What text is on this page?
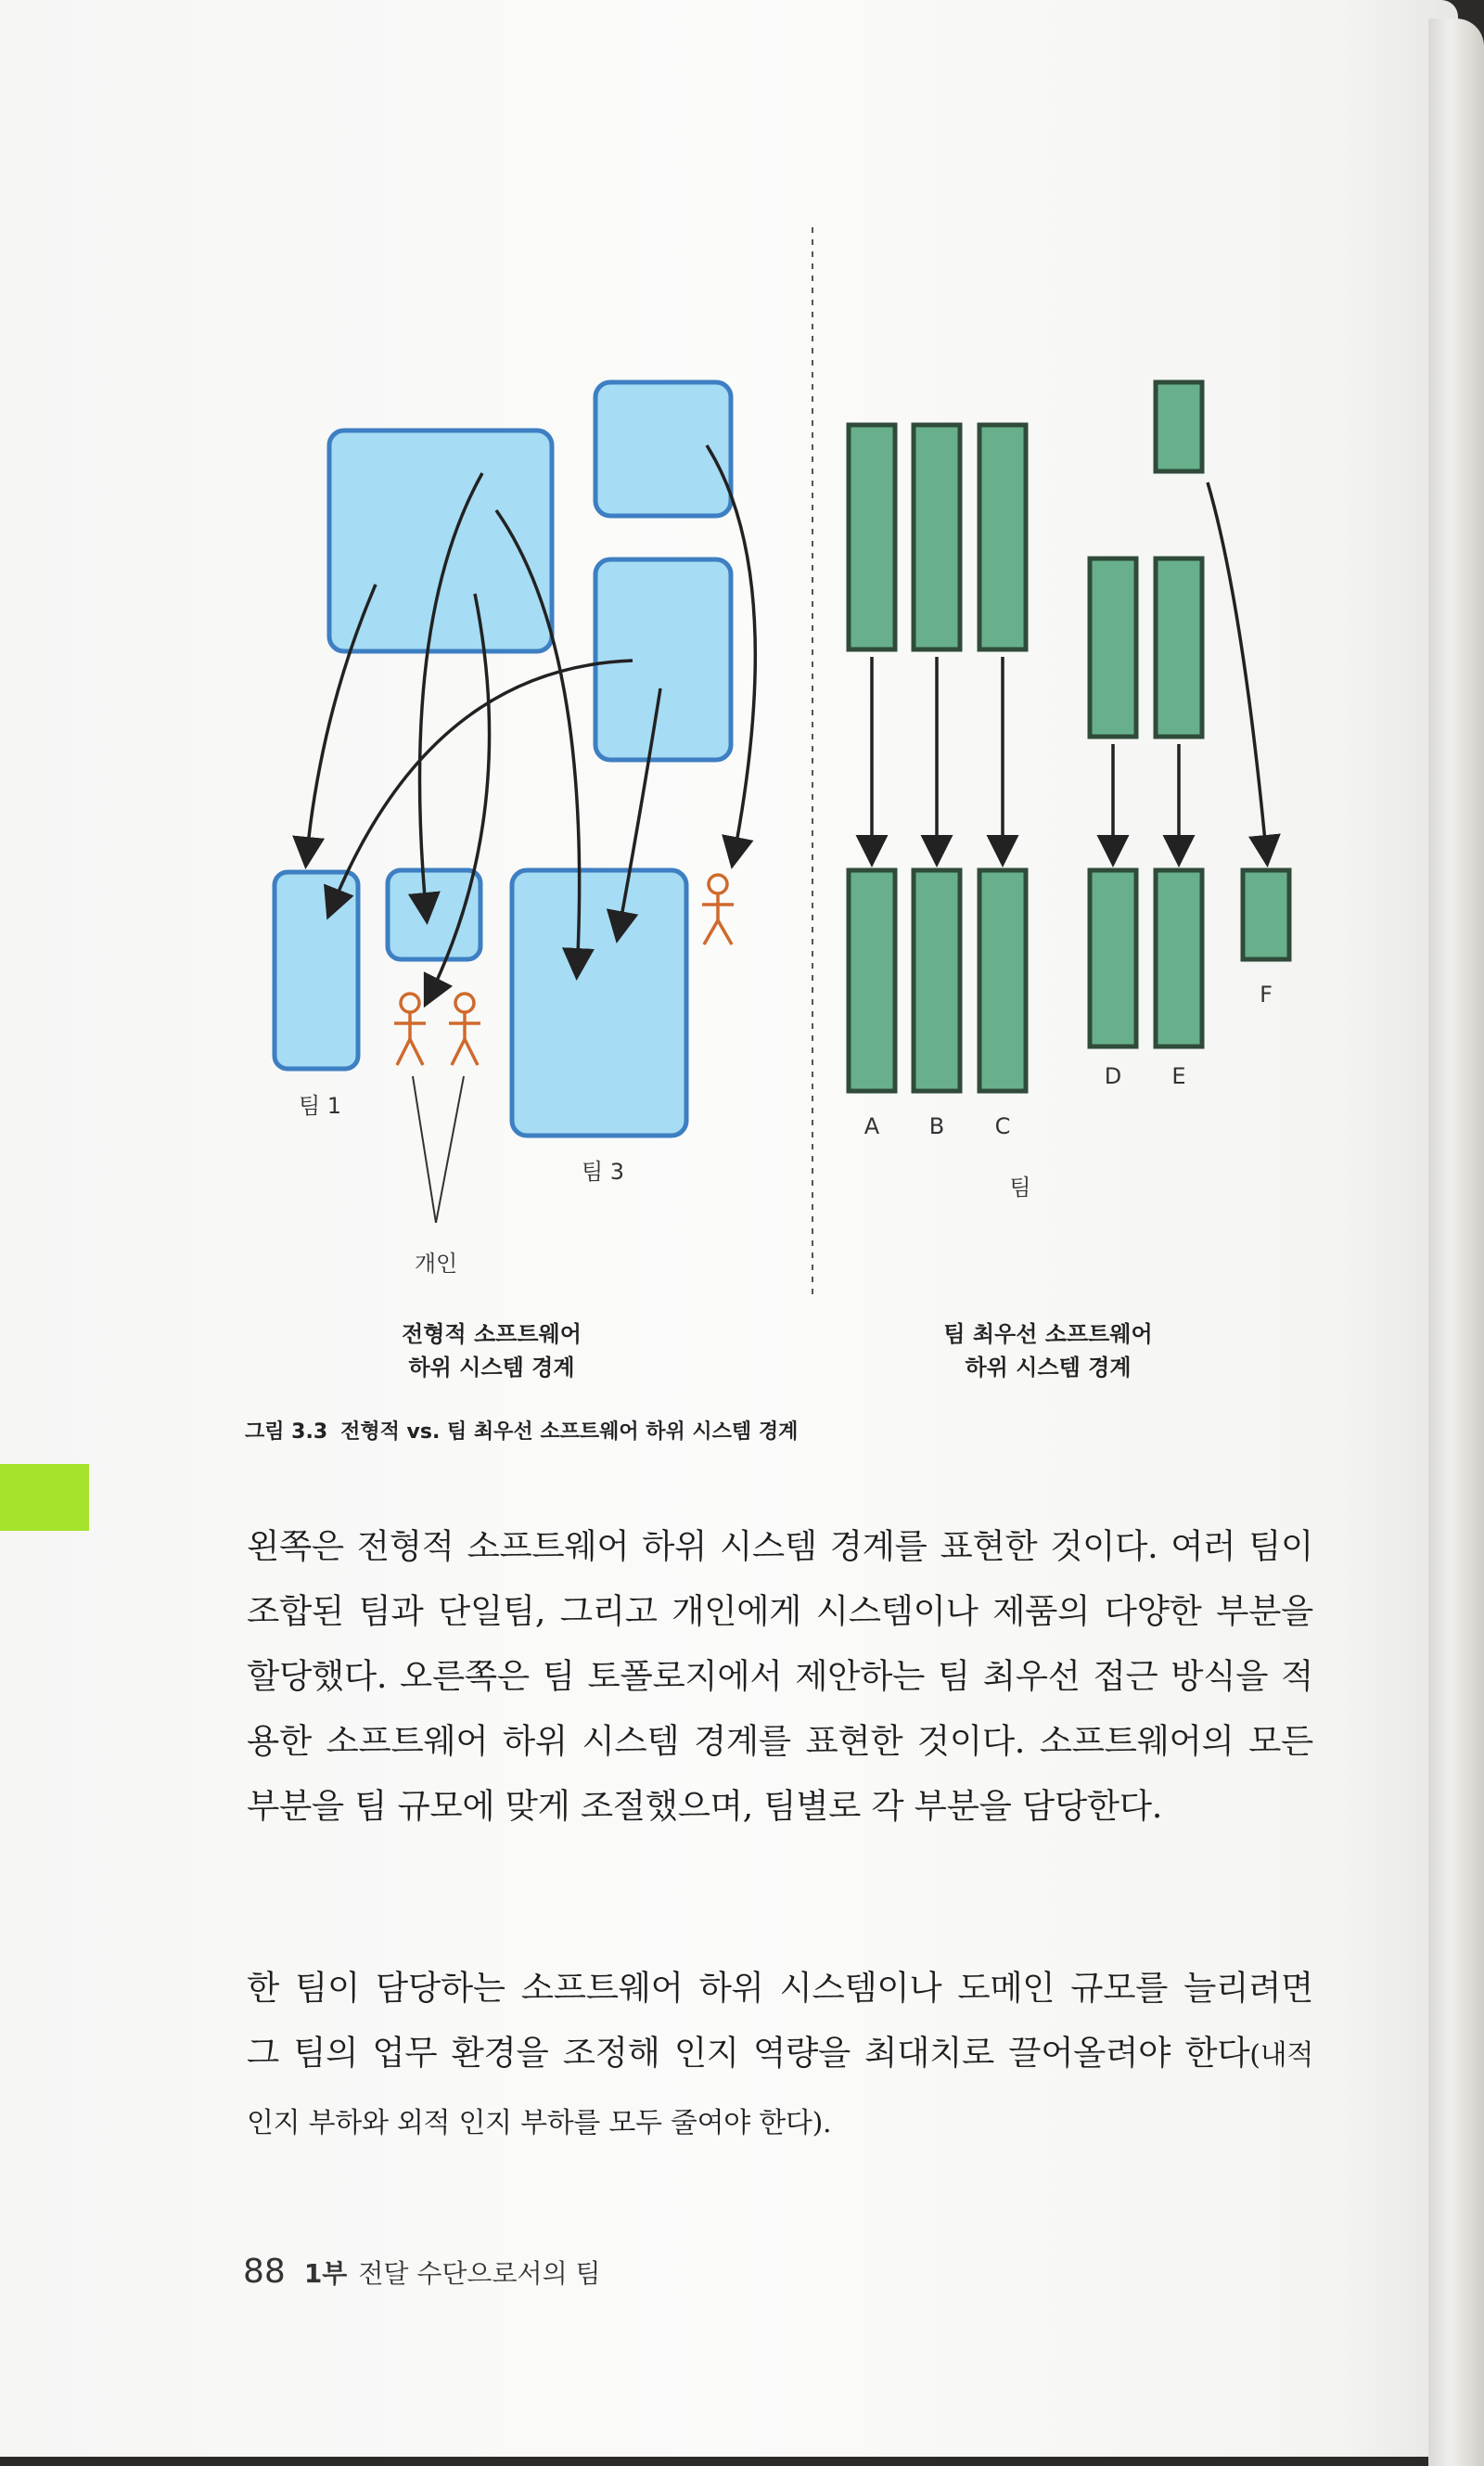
팀 1
팀 3
개인
A	B	C
D	E
F
팀
전형적 소프트웨어
하위 시스템 경계
팀 최우선 소프트웨어
하위 시스템 경계
그림 3.3 전형적 vs. 팀 최우선 소프트웨어 하위 시스템 경계
왼쪽은 전형적 소프트웨어 하위 시스템 경계를 표현한 것이다. 여러 팀이 조합된 팀과 단일팀, 그리고 개인에게 시스템이나 제품의 다양한 부분을 할당했다. 오른쪽은 팀 토폴로지에서 제안하는 팀 최우선 접근 방식을 적용한 소프트웨어 하위 시스템 경계를 표현한 것이다. 소프트웨어의 모든 부분을 팀 규모에 맞게 조절했으며, 팀별로 각 부분을 담당한다.
한 팀이 담당하는 소프트웨어 하위 시스템이나 도메인 규모를 늘리려면 그 팀의 업무 환경을 조정해 인지 역량을 최대치로 끌어올려야 한다(내적 인지 부하와 외적 인지 부하를 모두 줄여야 한다).
88 1부 전달 수단으로서의 팀
